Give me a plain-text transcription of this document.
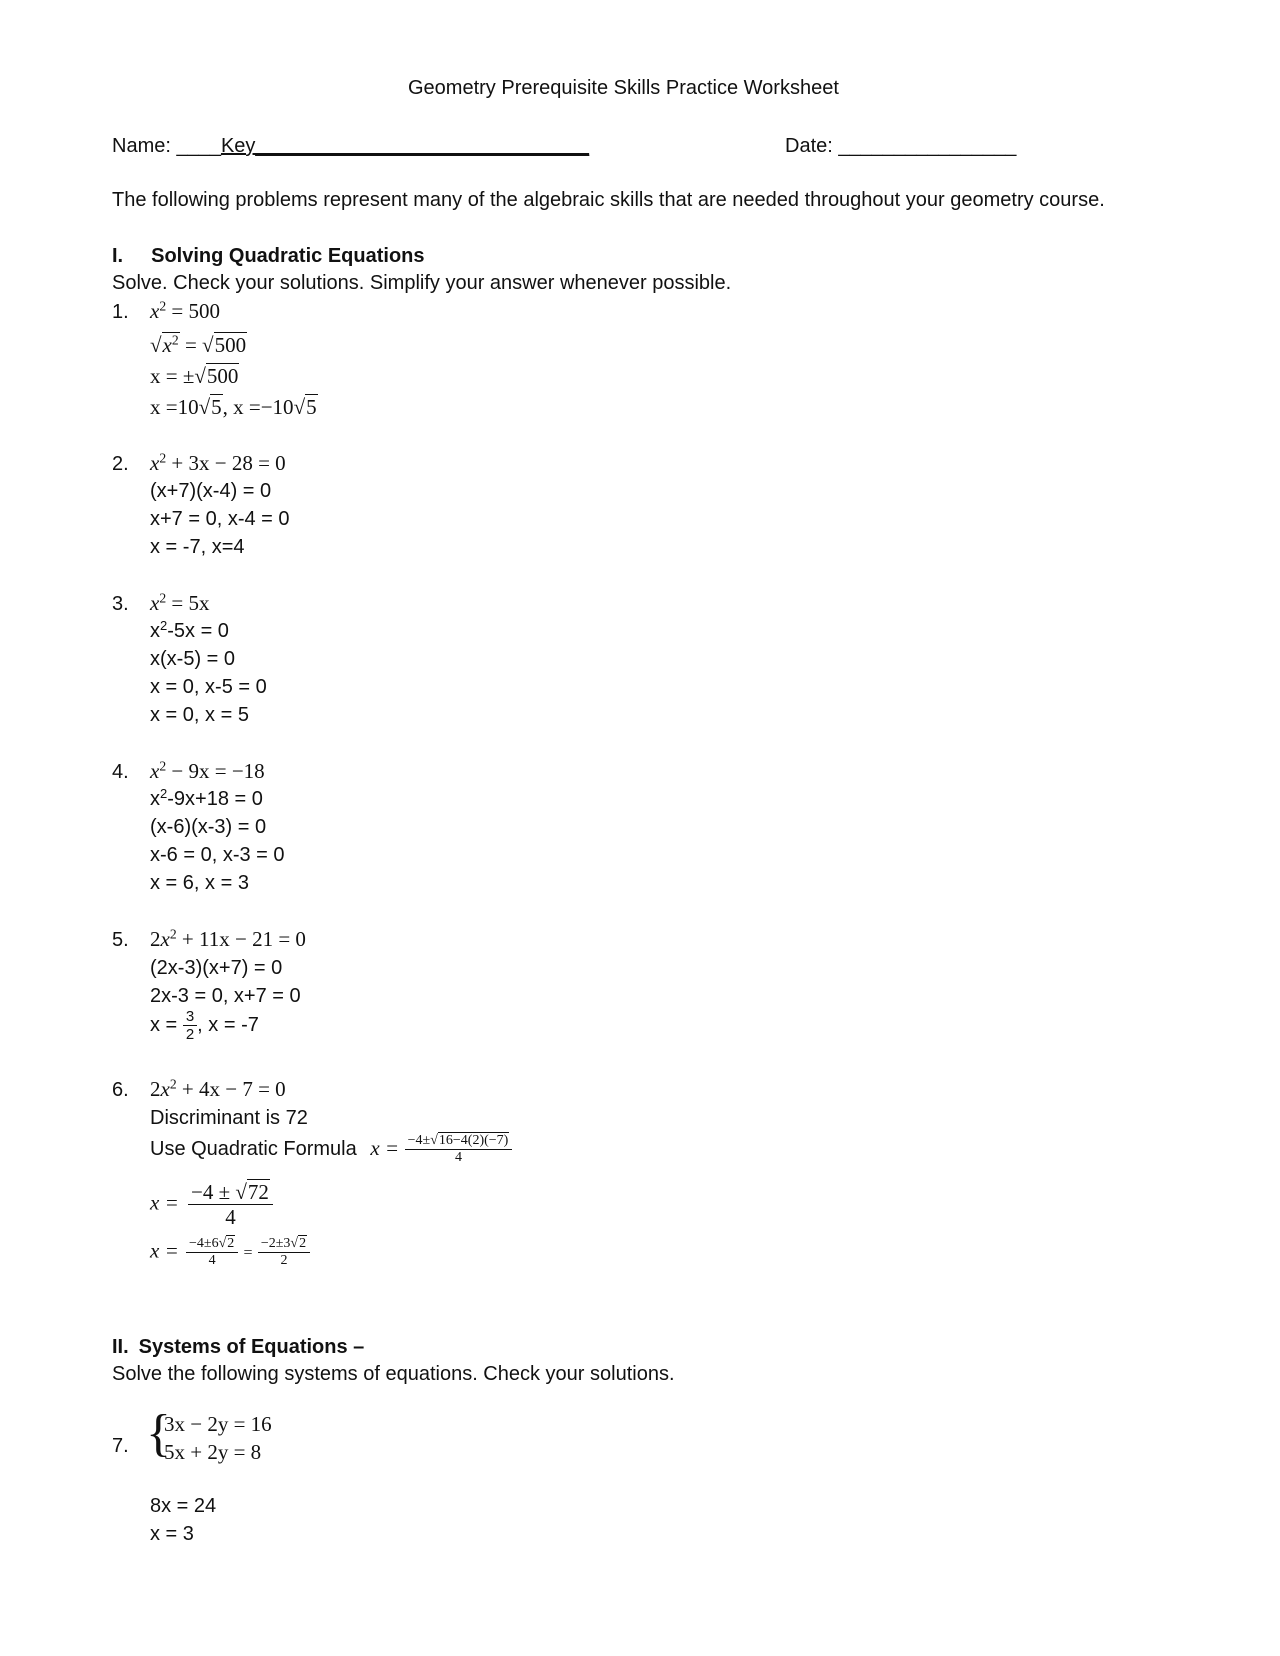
Geometry Prerequisite Skills Practice Worksheet
Name: ____Key______________________________	Date: ________________
The following problems represent many of the algebraic skills that are needed throughout your geometry course.
I. Solving Quadratic Equations
Solve. Check your solutions. Simplify your answer whenever possible.
1. $x^2 = 500$
$√x^2 = √500$
x = ±√500
x =10√5, x =−10√5
2. $x^2 + 3x - 28 = 0$
(x+7)(x-4) = 0
x+7 = 0, x-4 = 0
x = -7, x=4
3. $x^2 = 5x$
$x^2-5x = 0$
x(x-5) = 0
x = 0, x-5 = 0
x = 0, x = 5
4. $x^2 - 9x = -18$
$x^2-9x+18 = 0$
(x-6)(x-3) = 0
x-6 = 0, x-3 = 0
x = 6, x = 3
5. $2x^2 + 11x - 21 = 0$
(2x-3)(x+7) = 0
2x-3 = 0, x+7 = 0
$x = \frac{3}{2}$ , x = -7
6. $2x^2 + 4x - 7 = 0$
Discriminant is 72
Use Quadratic Formula $x = \frac{-4\pm√16-4(2)(-7)}{4}$
$x = \frac{-4 \pm √72}{4}$
$x = \frac{-4\pm 6√2}{4} = \frac{-2\pm 3√2}{2}$
II. Systems of Equations –
Solve the following systems of equations. Check your solutions.
7. {
3x − 2y = 16
5x + 2y = 8
8x = 24
x = 3
